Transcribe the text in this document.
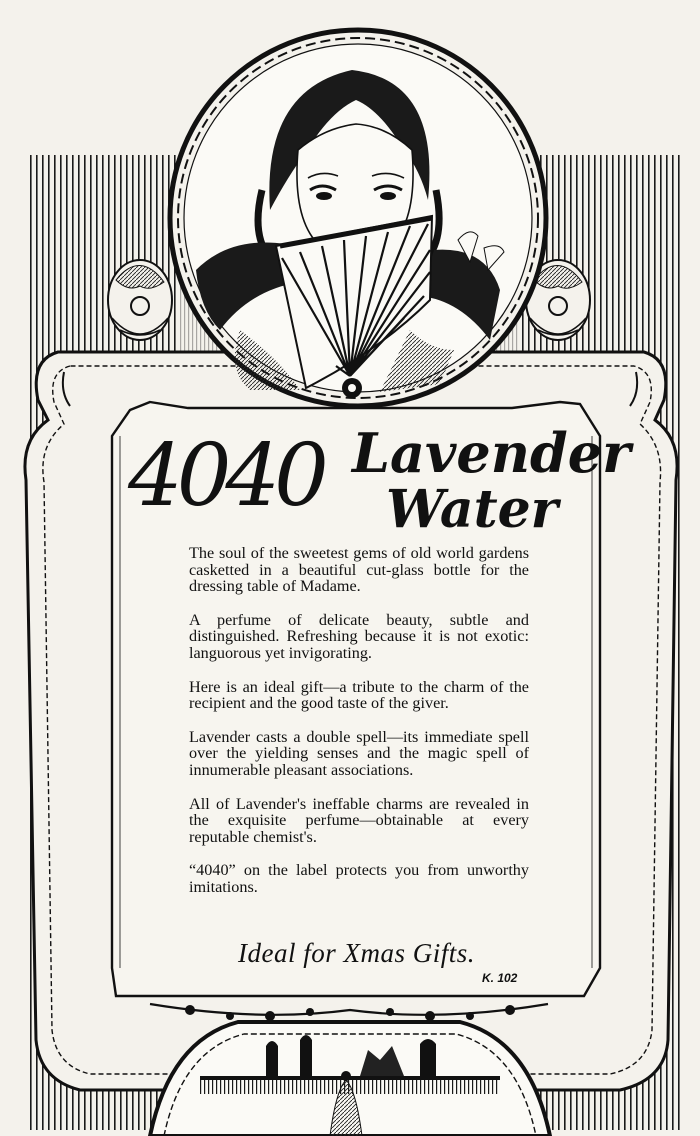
4040 Lavender
Water

The soul of the sweetest gems of old world gardens casketted in a beautiful cut-glass bottle for the dressing table of Madame.

A perfume of delicate beauty, subtle and distinguished. Refreshing because it is not exotic: languorous yet invigorating.

Here is an ideal gift—a tribute to the charm of the recipient and the good taste of the giver.

Lavender casts a double spell—its immediate spell over the yielding senses and the magic spell of innumerable pleasant associations.

All of Lavender's ineffable charms are revealed in the exquisite perfume—obtainable at every reputable chemist's.

“4040” on the label protects you from unworthy imitations.

Ideal for Xmas Gifts.
K. 102
